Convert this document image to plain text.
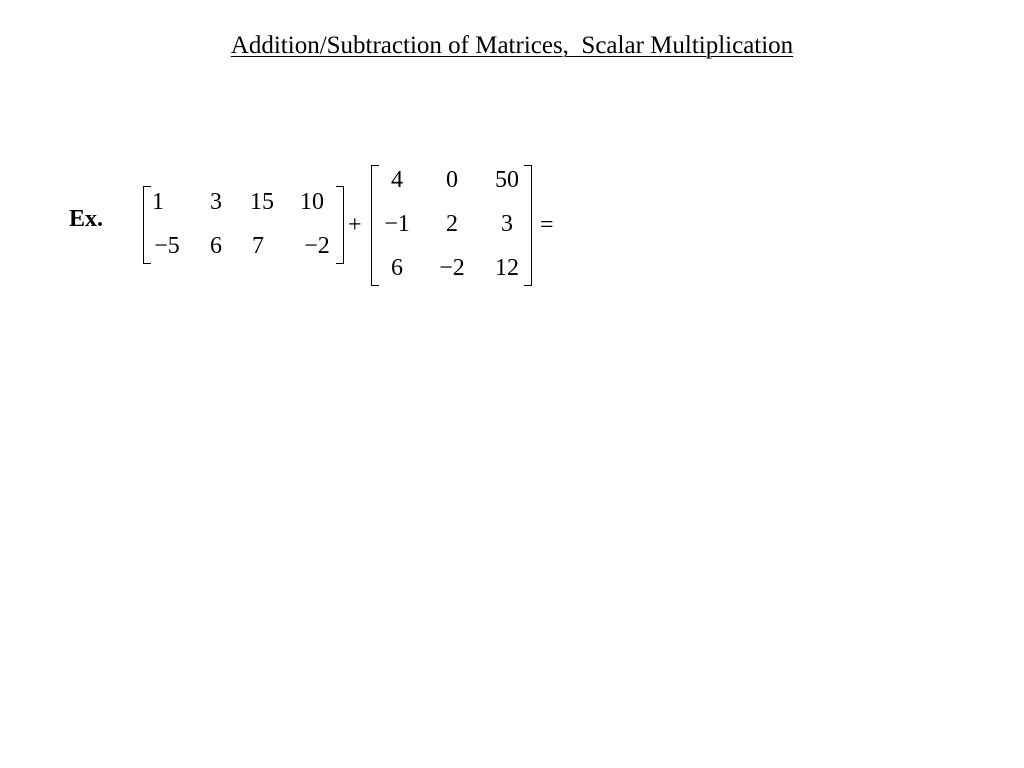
Addition/Subtraction of Matrices,  Scalar Multiplication
Ex.
1	3	15	10
−5	6	7	−2
+
4	0	50
−1	2	3
6	−2	12
=
